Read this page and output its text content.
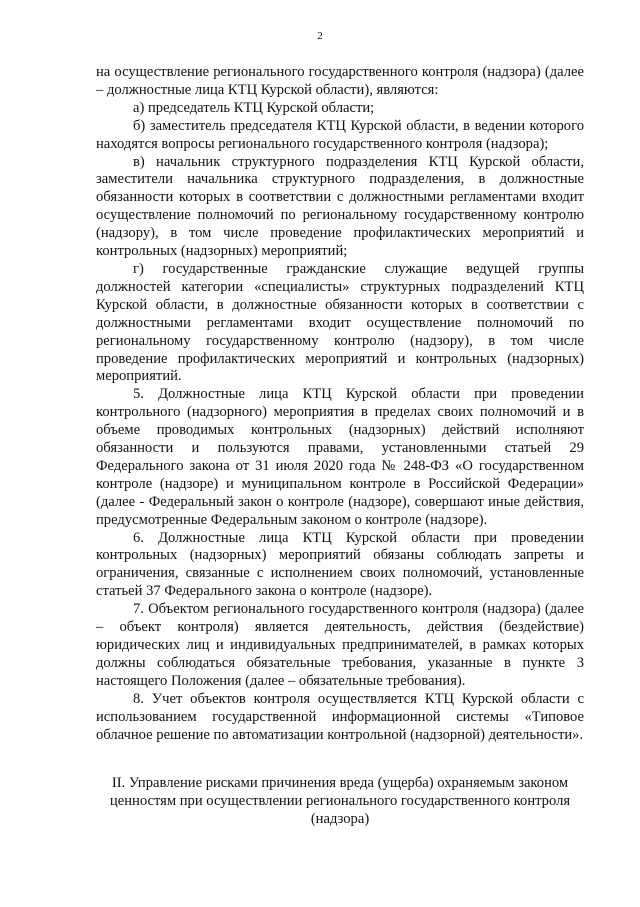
2

на осуществление регионального государственного контроля (надзора) (далее – должностные лица КТЦ Курской области), являются:

а) председатель КТЦ Курской области;

б) заместитель председателя КТЦ Курской области, в ведении которого находятся вопросы регионального государственного контроля (надзора);

в) начальник структурного подразделения КТЦ Курской области, заместители начальника структурного подразделения, в должностные обязанности которых в соответствии с должностными регламентами входит осуществление полномочий по региональному государственному контролю (надзору), в том числе проведение профилактических мероприятий и контрольных (надзорных) мероприятий;

г) государственные гражданские служащие ведущей группы должностей категории «специалисты» структурных подразделений КТЦ Курской области, в должностные обязанности которых в соответствии с должностными регламентами входит осуществление полномочий по региональному государственному контролю (надзору), в том числе проведение профилактических мероприятий и контрольных (надзорных) мероприятий.

5. Должностные лица КТЦ Курской области при проведении контрольного (надзорного) мероприятия в пределах своих полномочий и в объеме проводимых контрольных (надзорных) действий исполняют обязанности и пользуются правами, установленными статьей 29 Федерального закона от 31 июля 2020 года № 248-ФЗ «О государственном контроле (надзоре) и муниципальном контроле в Российской Федерации» (далее - Федеральный закон о контроле (надзоре), совершают иные действия, предусмотренные Федеральным законом о контроле (надзоре).

6. Должностные лица КТЦ Курской области при проведении контрольных (надзорных) мероприятий обязаны соблюдать запреты и ограничения, связанные с исполнением своих полномочий, установленные статьей 37 Федерального закона о контроле (надзоре).

7. Объектом регионального государственного контроля (надзора) (далее – объект контроля) является деятельность, действия (бездействие) юридических лиц и индивидуальных предпринимателей, в рамках которых должны соблюдаться обязательные требования, указанные в пункте 3 настоящего Положения (далее – обязательные требования).

8. Учет объектов контроля осуществляется КТЦ Курской области с использованием государственной информационной системы «Типовое облачное решение по автоматизации контрольной (надзорной) деятельности».

II. Управление рисками причинения вреда (ущерба) охраняемым законом ценностям при осуществлении регионального государственного контроля (надзора)
